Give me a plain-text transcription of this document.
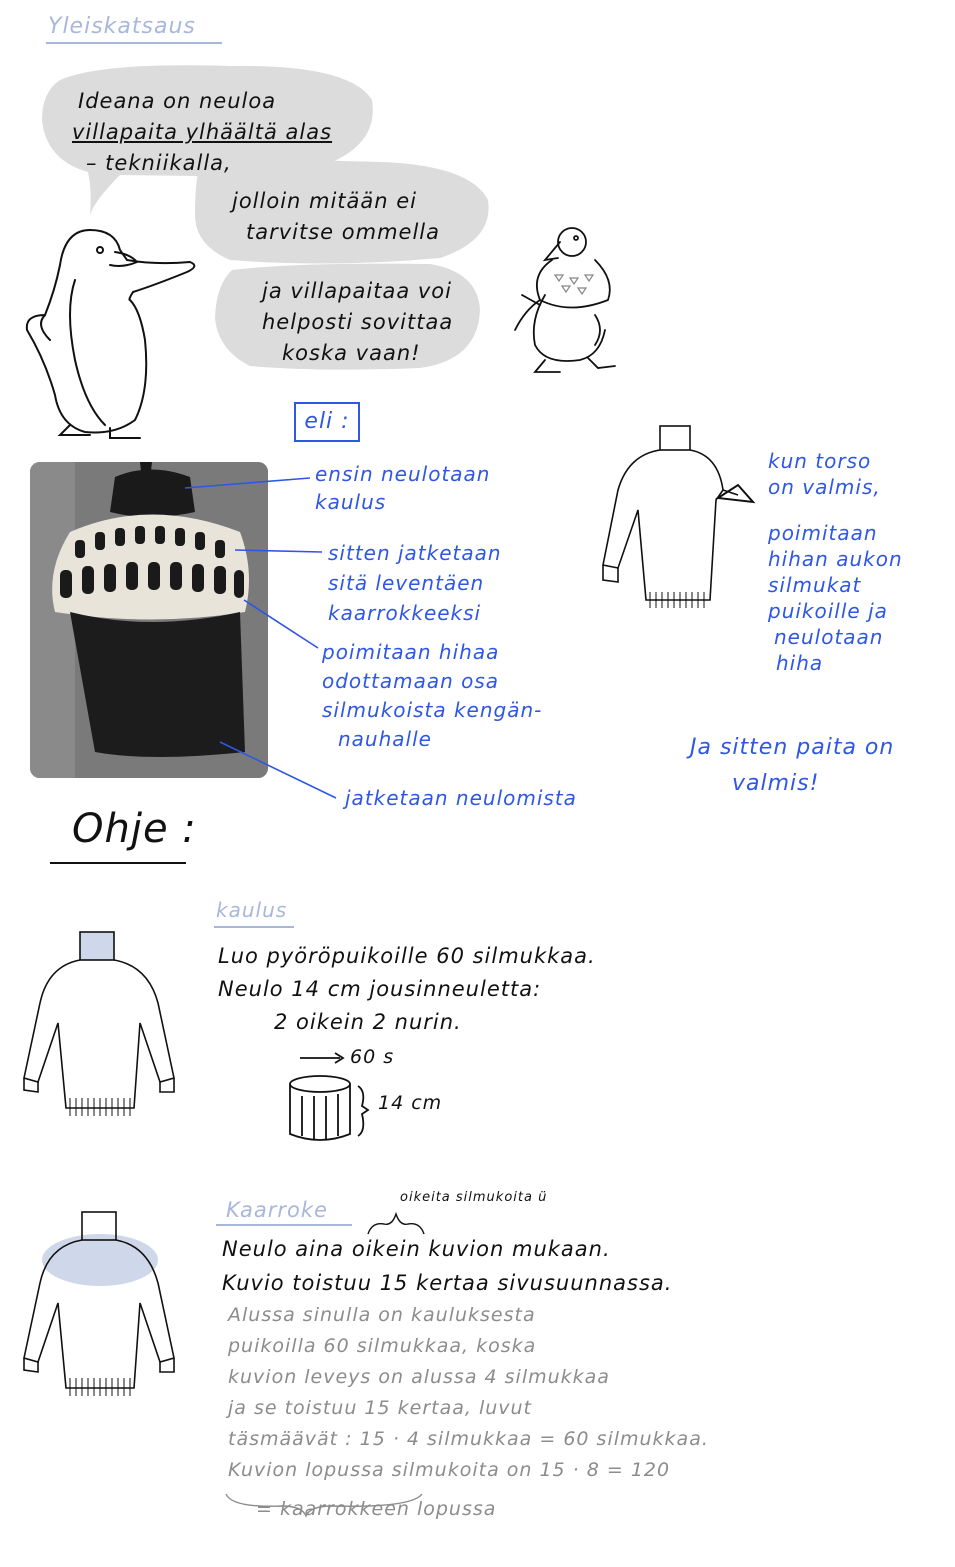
Yleiskatsaus
Ideana on neuloa
villapaita ylhäältä alas
– tekniikalla,
jolloin mitään ei
tarvitse ommella
ja villapaitaa voi
helposti sovittaa
koska vaan!
eli :
ensin neulotaan
kaulus
sitten jatketaan
sitä leventäen
kaarrokkeeksi
poimitaan hihaa
odottamaan osa
silmukoista kengän-
nauhalle
jatketaan neulomista
kun torso
on valmis,
poimitaan
hihan aukon
silmukat
puikoille ja
neulotaan
hiha
Ja sitten paita on
valmis!
Ohje :
kaulus
Luo pyöröpuikoille 60 silmukkaa.
Neulo 14 cm jousinneuletta:
2 oikein 2 nurin.
60 s
14 cm
Kaarroke
oikeita silmukoita ü
Neulo aina oikein kuvion mukaan.
Kuvio toistuu 15 kertaa sivusuunnassa.
Alussa sinulla on kauluksesta
puikoilla 60 silmukkaa, koska
kuvion leveys on alussa 4 silmukkaa
ja se toistuu 15 kertaa, luvut
täsmäävät : 15 · 4 silmukkaa = 60 silmukkaa.
Kuvion lopussa silmukoita on 15 · 8 = 120
= kaarrokkeen lopussa
